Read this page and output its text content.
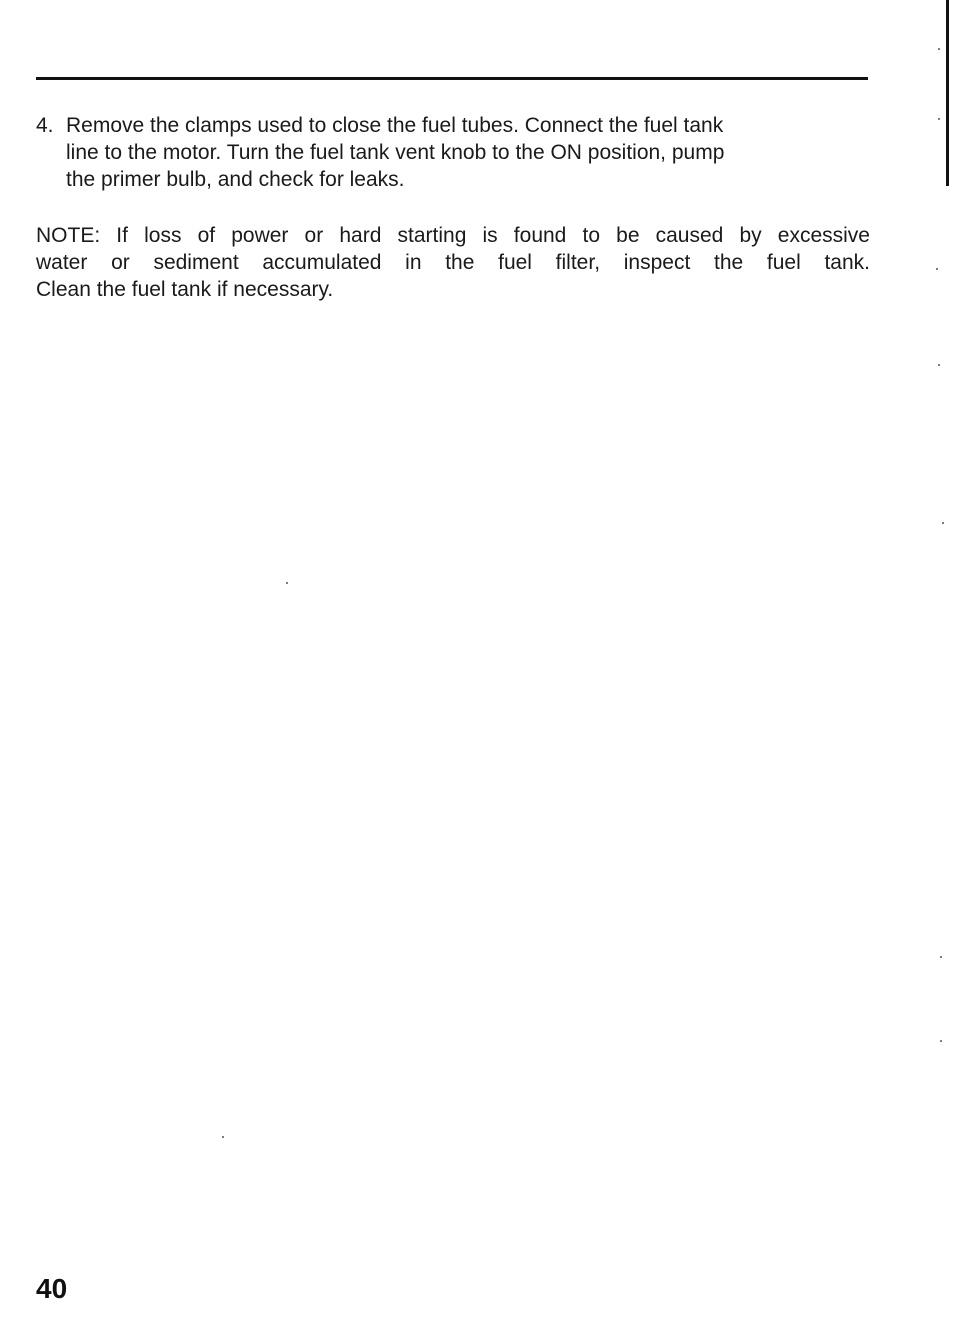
4. Remove the clamps used to close the fuel tubes. Connect the fuel tank
line to the motor. Turn the fuel tank vent knob to the ON position, pump
the primer bulb, and check for leaks.
NOTE: If loss of power or hard starting is found to be caused by excessive
water or sediment accumulated in the fuel filter, inspect the fuel tank.
Clean the fuel tank if necessary.
40
